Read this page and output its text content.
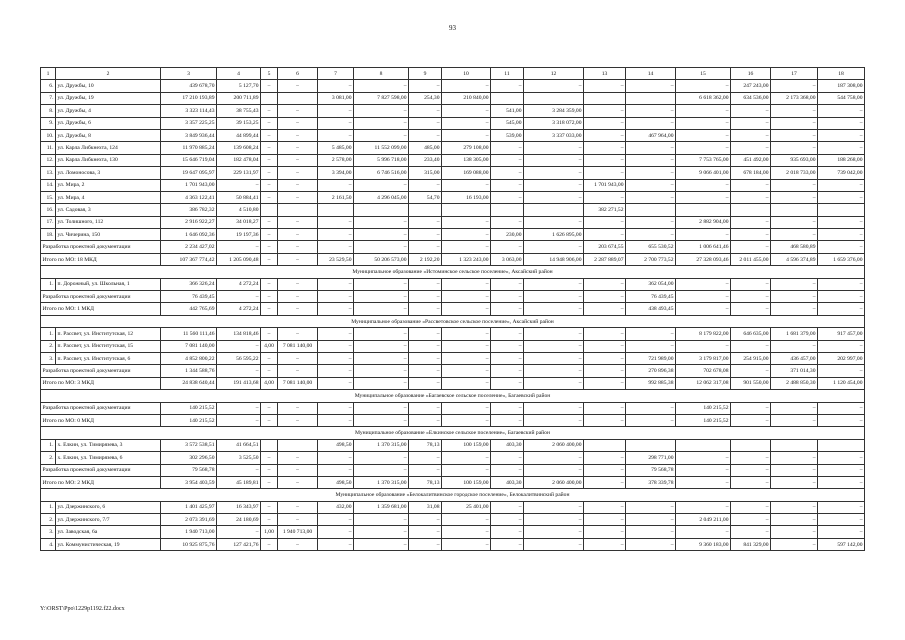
93
1	2	3	4	5	6	7	8	9	10	11	12	13	14	15	16	17	18
6.	ул. Дружбы, 10	439 678,70	5 127,70	–	–	–	–	–	–	–	–	–	–	–	247 243,00	–	187 308,00
7.	ул. Дружбы, 19	17 210 193,89	200 711,89			3 081,00	7 827 598,00	254,30	210 840,00					6 618 362,00	634 536,00	2 173 368,00	544 758,00
8.	ул. Дружбы, 4	3 323 114,43	38 755,43	–	–	–	–	–	–	541,00	3 284 359,00	–	–	–	–	–	–
9.	ул. Дружбы, 6	3 357 225,25	39 153,25	–	–	–	–	–	–	545,00	3 318 072,00	–	–	–	–	–	–
10.	ул. Дружбы, 8	3 849 936,44	44 899,44	–	–	–	–	–	–	539,00	3 337 033,00	–	467 964,00	–	–	–	–
11.	ул. Карла Либкнехта, 124	11 970 885,24	139 608,24	–	–	5 485,00	11 552 099,00	485,00	279 108,00	–	–	–	–	–	–	–	–
12.	ул. Карла Либкнехта, 130	15 646 719,04	182 478,04	–	–	2 578,00	5 996 718,00	233,40	138 305,00	–	–	–	–	7 753 765,00	451 492,00	935 693,00	188 268,00
13.	ул. Ломоносова, 3	19 647 095,97	229 131,97	–	–	3 394,00	6 746 516,00	315,00	169 088,00	–	–	–	–	9 066 401,00	678 184,00	2 018 733,00	739 042,00
14.	ул. Мира, 2	1 701 943,00	–	–	–	–	–	–	–	–	–	1 701 943,00	–	–	–	–	–
15.	ул. Мира, 4	4 363 122,41	50 884,41	–	–	2 161,50	4 296 045,00	54,70	16 193,00	–	–	–	–	–	–	–	–
16.	ул. Садовая, 3	386 782,32	4 510,80									382 271,52					
17.	ул. Толишного, 112	2 916 922,27	34 018,27	–	–	–	–	–	–	–	–	–	–	2 882 904,00	–	–	–
18.	ул. Чичерина, 150	1 646 092,36	19 197,36	–	–	–	–	–	–	230,00	1 626 895,00	–	–	–	–	–	–
Разработка проектной документации		2 234 427,02	–	–	–	–	–	–	–	–	–	203 674,55	655 530,52	1 006 641,46	–	468 580,89	–
Итого по МО: 18 МКД		107 367 774,42	1 205 090,48	–	–	23 529,50	50 206 573,00	2 192,20	1 323 243,00	3 063,00	14 948 906,00	2 287 889,07	2 700 773,52	27 328 093,46	2 011 455,00	4 596 374,89	1 659 376,00
Муниципальное образование «Истоминское сельское поселение», Аксайский район																	
1.	п. Дорожный, ул. Школьная, 1	366 326,24	4 272,24	–	–	–	–	–	–	–	–	–	362 054,00	–	–	–	–
Разработка проектной документации		76 439,45	–	–	–	–	–	–	–	–	–	–	76 439,45	–	–	–	–
Итого по МО: 1 МКД		442 765,69	4 272,24	–	–	–	–	–	–	–	–	–	438 493,45	–	–	–	–
Муниципальное образование «Рассветовское сельское поселение», Аксайский район																	
1.	п. Рассвет, ул. Институтская, 12	11 560 111,46	134 818,46	–	–	–	–	–	–	–	–	–	–	8 179 822,00	646 635,00	1 681 379,00	917 457,00
2.	п. Рассвет, ул. Институтская, 15	7 081 140,00	–	4,00	7 081 140,00	–	–	–	–	–	–	–	–	–	–	–	–
3.	п. Рассвет, ул. Институтская, 6	4 852 800,22	56 595,22	–	–	–	–	–	–	–	–	–	721 989,00	3 179 817,00	254 915,00	436 457,00	202 997,00
Разработка проектной документации		1 344 588,76	–	–	–	–	–	–	–	–	–	–	270 896,38	702 678,08	–	371 014,30	–
Итого по МО: 3 МКД		24 838 640,44	191 413,68	4,00	7 081 140,00	–	–	–	–	–	–	–	992 885,38	12 062 317,08	901 550,00	2 488 850,30	1 120 454,00
Муниципальное образование «Багаевское сельское поселение», Багаевский район																	
Разработка проектной документации		140 215,52	–	–	–	–	–	–	–	–	–	–	–	140 215,52	–	–	–
Итого по МО: 0 МКД		140 215,52	–	–	–	–	–	–	–	–	–	–	–	140 215,52	–	–	–
Муниципальное образование «Елкинское сельское поселение», Багаевский район																	
1.	х. Елкин, ул. Тимирязева, 3	3 572 538,51	41 664,51			498,50	1 370 315,00	78,13	100 159,00	403,30	2 060 400,00						
2.	х. Елкин, ул. Тимирязева, 6	302 296,50	3 525,50	–	–	–	–	–	–	–	–	–	298 771,00	–	–	–	–
Разработка проектной документации		79 568,78	–	–	–	–	–	–	–	–	–	–	79 568,78	–	–	–	–
Итого по МО: 2 МКД		3 954 403,59	45 189,81	–	–	498,50	1 370 315,00	78,13	100 159,00	403,30	2 060 400,00	–	378 339,78	–	–	–	–
Муниципальное образование «Белокалитвинское городское поселение», Белокалитвинский район																	
1.	ул. Дзержинского, 6	1 401 425,97	16 343,97	–	–	432,00	1 359 681,00	31,08	25 401,00	–	–	–	–	–	–	–	–
2.	ул. Дзержинского, 7/7	2 073 391,69	24 180,69	–	–	–	–	–	–	–	–	–	–	2 049 211,00	–	–	–
3.	ул. Заводская, 6а	1 940 713,00	–	1,00	1 940 713,00	–	–	–	–	–	–	–	–	–	–	–	–
4.	ул. Коммунистическая, 19	10 925 875,76	127 421,76	–	–	–	–	–	–	–	–	–	–	9 360 183,00	841 329,00	–	597 142,00
Y:\ORST\Ppo\1229p1192.f22.docx
